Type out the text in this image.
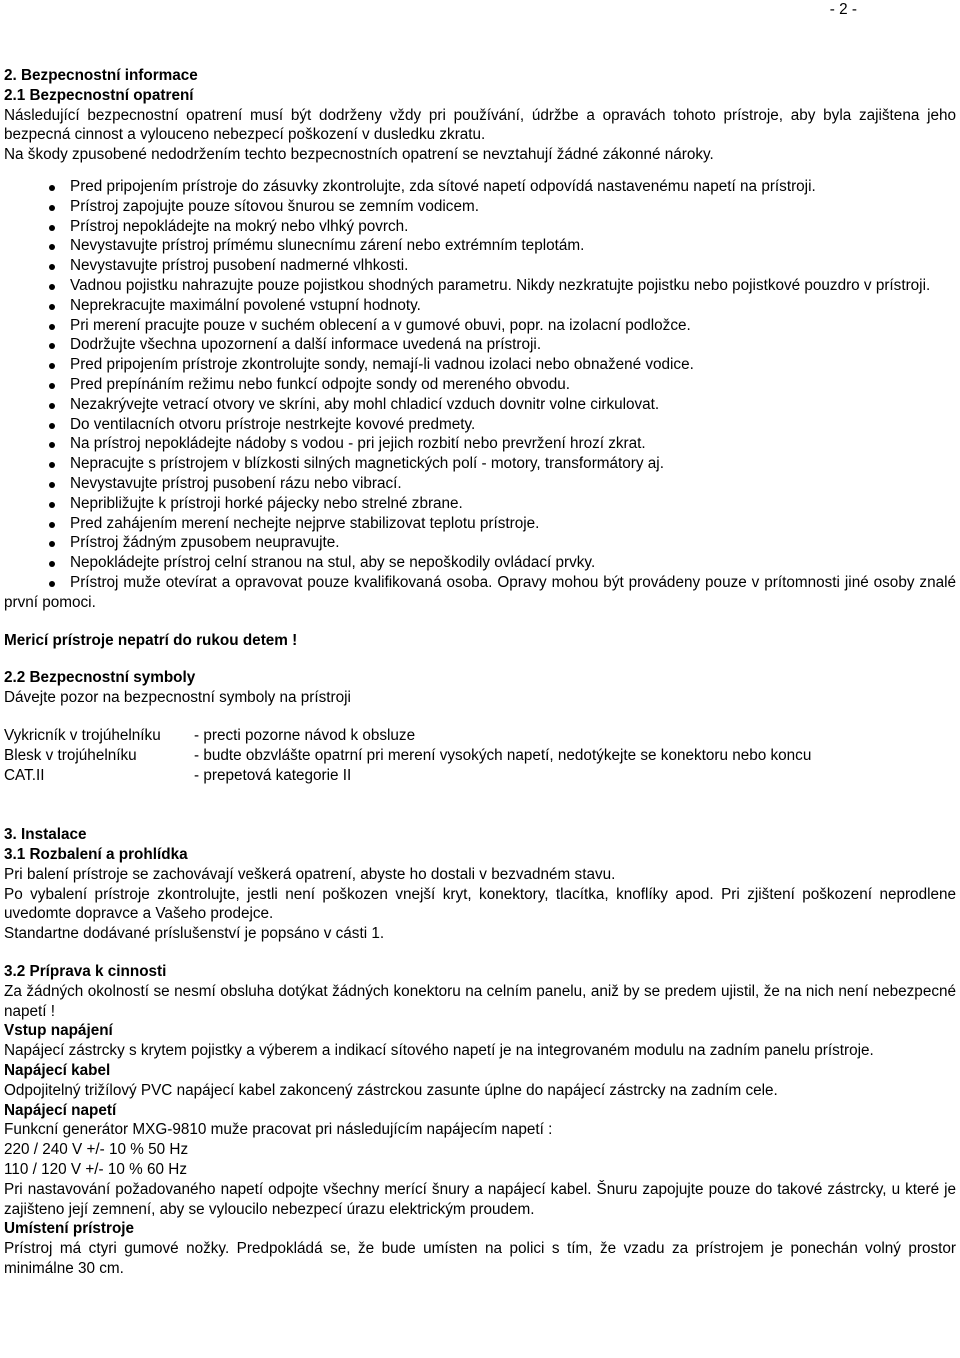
- 2 -

2. Bezpecnostní informace

2.1 Bezpecnostní opatrení

Následující bezpecnostní opatrení musí být dodrženy vždy pri používání, údržbe a opravách tohoto prístroje, aby byla zajištena jeho bezpecná cinnost a vylouceno nebezpecí poškození v dusledku zkratu.

Na škody zpusobené nedodržením techto bezpecnostních opatrení se nevztahují žádné zákonné nároky.

Pred pripojením prístroje do zásuvky zkontrolujte, zda sítové napetí odpovídá nastavenému napetí na prístroji.
Prístroj zapojujte pouze sítovou šnurou se zemním vodicem.
Prístroj nepokládejte na mokrý nebo vlhký povrch.
Nevystavujte prístroj prímému slunecnímu zárení nebo extrémním teplotám.
Nevystavujte prístroj pusobení nadmerné vlhkosti.
Vadnou pojistku nahrazujte pouze pojistkou shodných parametru. Nikdy nezkratujte pojistku nebo pojistkové pouzdro v prístroji.
Neprekracujte maximální povolené vstupní hodnoty.
Pri merení pracujte pouze v suchém oblecení a v gumové obuvi, popr. na izolacní podložce.
Dodržujte všechna upozornení a další informace uvedená na prístroji.
Pred pripojením prístroje zkontrolujte sondy, nemají-li vadnou izolaci nebo obnažené vodice.
Pred prepínáním režimu nebo funkcí odpojte sondy od mereného obvodu.
Nezakrývejte vetrací otvory ve skríni, aby mohl chladicí vzduch dovnitr volne cirkulovat.
Do ventilacních otvoru prístroje nestrkejte kovové predmety.
Na prístroj nepokládejte nádoby s vodou - pri jejich rozbití nebo prevržení hrozí zkrat.
Nepracujte s prístrojem v blízkosti silných magnetických polí - motory, transformátory aj.
Nevystavujte prístroj pusobení rázu nebo vibrací.
Nepribližujte k prístroji horké pájecky nebo strelné zbrane.
Pred zahájením merení nechejte nejprve stabilizovat teplotu prístroje.
Prístroj žádným zpusobem neupravujte.
Nepokládejte prístroj celní stranou na stul, aby se nepoškodily ovládací prvky.
Prístroj muže otevírat a opravovat pouze kvalifikovaná osoba. Opravy mohou být provádeny pouze v prítomnosti jiné osoby znalé první pomoci.

Mericí prístroje nepatrí do rukou detem !

2.2 Bezpecnostní symboly

Dávejte pozor na bezpecnostní symboly na prístroji

Vykricník v trojúhelníku	- precti pozorne návod k obsluze
Blesk v trojúhelníku	- budte obzvlášte opatrní pri merení vysokých napetí, nedotýkejte se konektoru nebo koncu
CAT.II	- prepetová kategorie II

3. Instalace

3.1 Rozbalení a prohlídka

Pri balení prístroje se zachovávají veškerá opatrení, abyste ho dostali v bezvadném stavu.

Po vybalení prístroje zkontrolujte, jestli není poškozen vnejší kryt, konektory, tlacítka, knoflíky apod. Pri zjištení poškození neprodlene uvedomte dopravce a Vašeho prodejce.

Standartne dodávané príslušenství je popsáno v cásti 1.

3.2 Príprava k cinnosti

Za žádných okolností se nesmí obsluha dotýkat žádných konektoru na celním panelu, aniž by se predem ujistil, že na nich není nebezpecné napetí !

Vstup napájení

Napájecí zástrcky s krytem pojistky a výberem a indikací sítového napetí je na integrovaném modulu na zadním panelu prístroje.

Napájecí kabel

Odpojitelný trižílový PVC napájecí kabel zakoncený zástrckou zasunte úplne do napájecí zástrcky na zadním cele.

Napájecí napetí

Funkcní generátor MXG-9810 muže pracovat pri následujícím napájecím napetí :

220 / 240 V +/- 10 % 50 Hz

110 / 120 V +/- 10 % 60 Hz

Pri nastavování požadovaného napetí odpojte všechny merící šnury a napájecí kabel. Šnuru zapojujte pouze do takové zástrcky, u které je zajišteno její zemnení, aby se vyloucilo nebezpecí úrazu elektrickým proudem.

Umístení prístroje

Prístroj má ctyri gumové nožky. Predpokládá se, že bude umísten na polici s tím, že vzadu za prístrojem je ponechán volný prostor minimálne 30 cm.
